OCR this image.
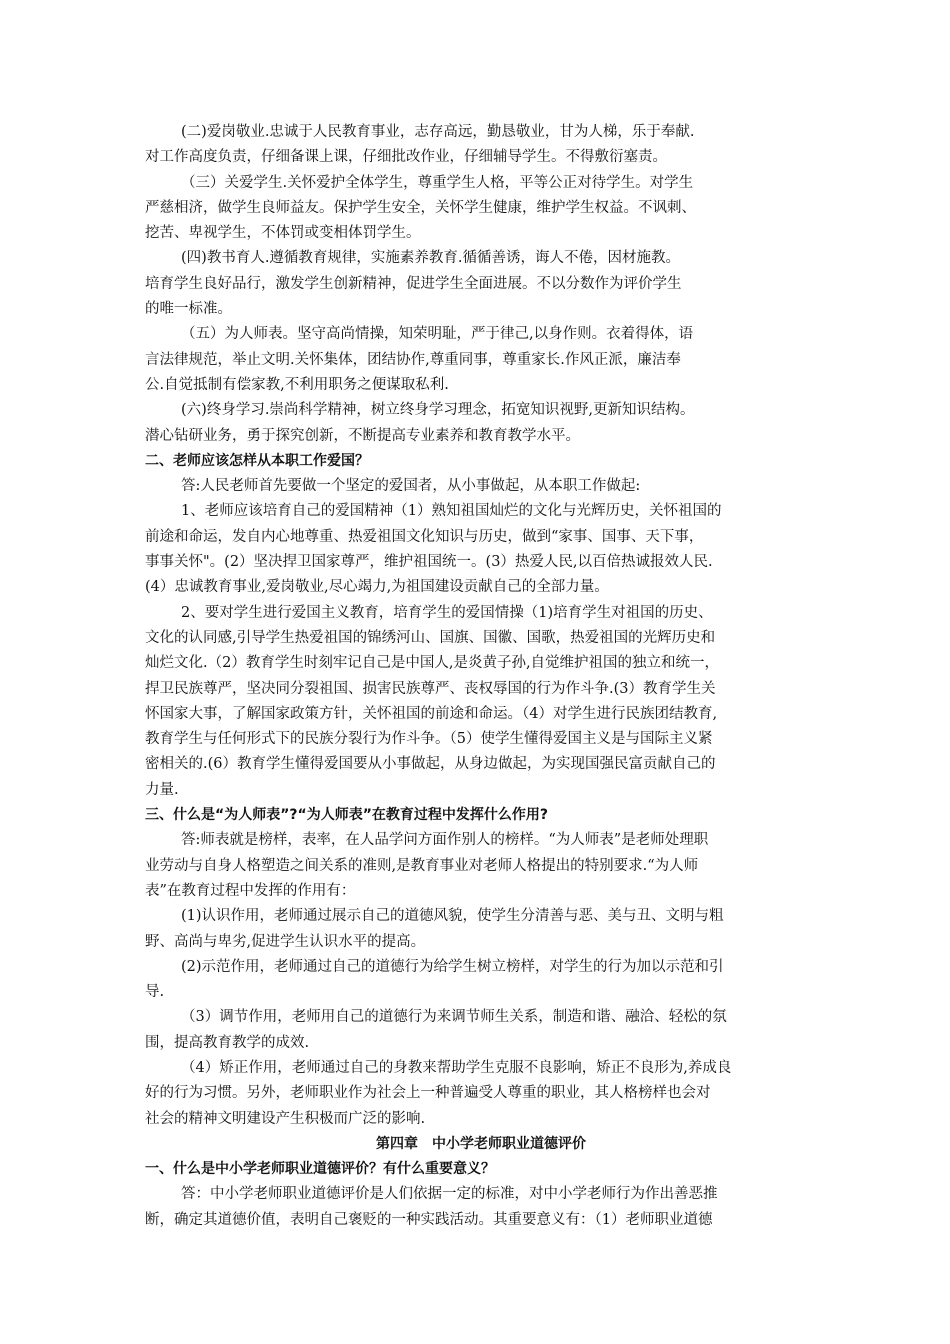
(二)爱岗敬业.忠诚于人民教育事业，志存高远，勤恳敬业，甘为人梯，乐于奉献.
对工作高度负责，仔细备课上课，仔细批改作业，仔细辅导学生。不得敷衍塞责。
（三）关爱学生.关怀爱护全体学生，尊重学生人格，平等公正对待学生。对学生
严慈相济，做学生良师益友。保护学生安全，关怀学生健康，维护学生权益。不讽刺、
挖苦、卑视学生，不体罚或变相体罚学生。
(四)教书育人.遵循教育规律，实施素养教育.循循善诱，诲人不倦，因材施教。
培育学生良好品行，激发学生创新精神，促进学生全面进展。不以分数作为评价学生
的唯一标准。
（五）为人师表。坚守高尚情操，知荣明耻，严于律己,以身作则。衣着得体，语
言法律规范，举止文明.关怀集体，团结协作,尊重同事，尊重家长.作风正派，廉洁奉
公.自觉抵制有偿家教,不利用职务之便谋取私利.
(六)终身学习.崇尚科学精神，树立终身学习理念，拓宽知识视野,更新知识结构。
潜心钻研业务，勇于探究创新，不断提高专业素养和教育教学水平。
二、老师应该怎样从本职工作爱国？
答:人民老师首先要做一个坚定的爱国者，从小事做起，从本职工作做起:
1、老师应该培育自己的爱国精神（1）熟知祖国灿烂的文化与光辉历史，关怀祖国的
前途和命运，发自内心地尊重、热爱祖国文化知识与历史，做到“家事、国事、天下事，
事事关怀"。(2）坚决捍卫国家尊严，维护祖国统一。(3）热爱人民,以百倍热诚报效人民.
(4）忠诚教育事业,爱岗敬业,尽心竭力,为祖国建设贡献自己的全部力量。
2、要对学生进行爱国主义教育，培育学生的爱国情操（1)培育学生对祖国的历史、
文化的认同感,引导学生热爱祖国的锦绣河山、国旗、国徽、国歌，热爱祖国的光辉历史和
灿烂文化.（2）教育学生时刻牢记自己是中国人,是炎黄子孙,自觉维护祖国的独立和统一，
捍卫民族尊严，坚决同分裂祖国、损害民族尊严、丧权辱国的行为作斗争.(3）教育学生关
怀国家大事，了解国家政策方针，关怀祖国的前途和命运。（4）对学生进行民族团结教育,
教育学生与任何形式下的民族分裂行为作斗争。（5）使学生懂得爱国主义是与国际主义紧
密相关的.(6）教育学生懂得爱国要从小事做起，从身边做起，为实现国强民富贡献自己的
力量.
三、什么是“为人师表”?“为人师表”在教育过程中发挥什么作用?
答:师表就是榜样，表率，在人品学问方面作别人的榜样。“为人师表”是老师处理职
业劳动与自身人格塑造之间关系的准则,是教育事业对老师人格提出的特别要求.“为人师
表”在教育过程中发挥的作用有：
(1)认识作用，老师通过展示自己的道德风貌，使学生分清善与恶、美与丑、文明与粗
野、高尚与卑劣,促进学生认识水平的提高。
(2)示范作用，老师通过自己的道德行为给学生树立榜样，对学生的行为加以示范和引
导.
（3）调节作用，老师用自己的道德行为来调节师生关系，制造和谐、融洽、轻松的氛
围，提高教育教学的成效.
（4）矫正作用，老师通过自己的身教来帮助学生克服不良影响，矫正不良形为,养成良
好的行为习惯。另外，老师职业作为社会上一种普遍受人尊重的职业，其人格榜样也会对
社会的精神文明建设产生积极而广泛的影响.
第四章　中小学老师职业道德评价
一、什么是中小学老师职业道德评价？有什么重要意义？
答：中小学老师职业道德评价是人们依据一定的标准，对中小学老师行为作出善恶推
断，确定其道德价值，表明自己褒贬的一种实践活动。其重要意义有：（1）老师职业道德
